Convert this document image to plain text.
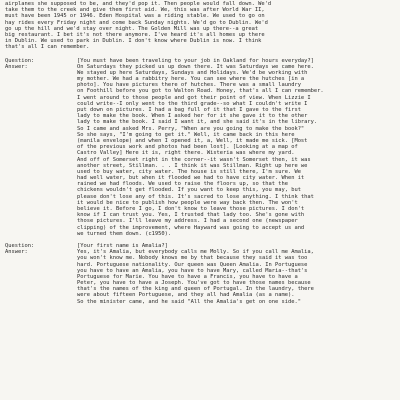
airplanes she supposed to be, and they'd pop it. Then people would fall down. We'd
take them to the creek and give them first aid. We, this was after World War II,
must have been 1945 or 1946. Eden Hospital was a riding stable. We used to go on
hay rides every Friday night and come back Sunday nights. We'd go to Dublin. We'd
go up the hill and we'd stay over night. The Golden Mill was up there--a great
big restaurant. I bet it's not there anymore. I've heard it's all homes up there
in Dublin. We used to park in Dublin. I don't know where Dublin is now. I think
that's all I can remember.
Question:
Answer:
[You must have been traveling to your job in Oakland for hours everyday?]
On Saturdays they picked us up down there. It was Saturdays we came here.
We stayed up here Saturdays, Sundays and Holidays. We'd be working with
my mother. We had a rabbitry here. You can see where the hutches [in a
photo]. You have pictures there of hutches. There was a small laundry
on Foothill before you got to Walton Road. Honey, that's all I can remember.
I went around to those people and got their point of view. When Lizzie I
could write--I only went to the third grade--so what I couldn't write I
put down on pictures. I had a bag full of it that I gave to the first
lady to make the book. When I asked her for it she gave it to the other
lady to make the book. I said I want it, and she said it's in the library.
So I came and asked Mrs. Perry, "When are you going to make the book?"
So she says, "I'm going to get it." Well, it came back in this here
(manila envelope) and when I opened it, a, Well, it made me sick. [Most
of the previous work and photos had been lost]. [Looking at a map of
Castro Valley] Here it is, right there. Wisteria was where my yard.
And off of Somerset right in the corner--it wasn't Somerset then, it was
another street, Stillman. . . I think it was Stillman. Right up here we
used to buy water, city water. The house is still there, I'm sure. We
had well water, but when it flooded we had to have city water. When it
rained we had floods. We used to raise the floors up, so that the
chickens wouldn't get flooded. If you want to keep this, you may, but
please don't lose any of this. It's sacred to lose anything. I think that
it would be nice to publish how people were way back then. The won't
believe it. Before I go, I don't know to leave those pictures. I don't
know if I can trust you. Yes, I trusted that lady too. She's gone with
those pictures. I'll leave my address. I had a second one (newspaper
clipping) of the improvement, where Hayward was going to accept us and
we turned them down. (c1950).
Question:
Answer:
[Your first name is Amalia?]
Yes, it's Amalia, but everybody calls me Molly. So if you call me Amalia,
you won't know me. Nobody knows me by that because they said it was too
hard. Portuguese nationality. Our queen was Queen Amalia. In Portuguese
you have to have an Amalia, you have to have Mary, called Maria--that's
Portuguese for Marie. You have to have a Francis, you have to have a
Peter, you have to have a Joseph. You've got to have those names because
that's the names of the king and queen of Portugal. In the laundry, there
were about fifteen Portuguese, and they all had Amalia (as a name).
So the minister came, and he said "All the Amalia's get on one side."
